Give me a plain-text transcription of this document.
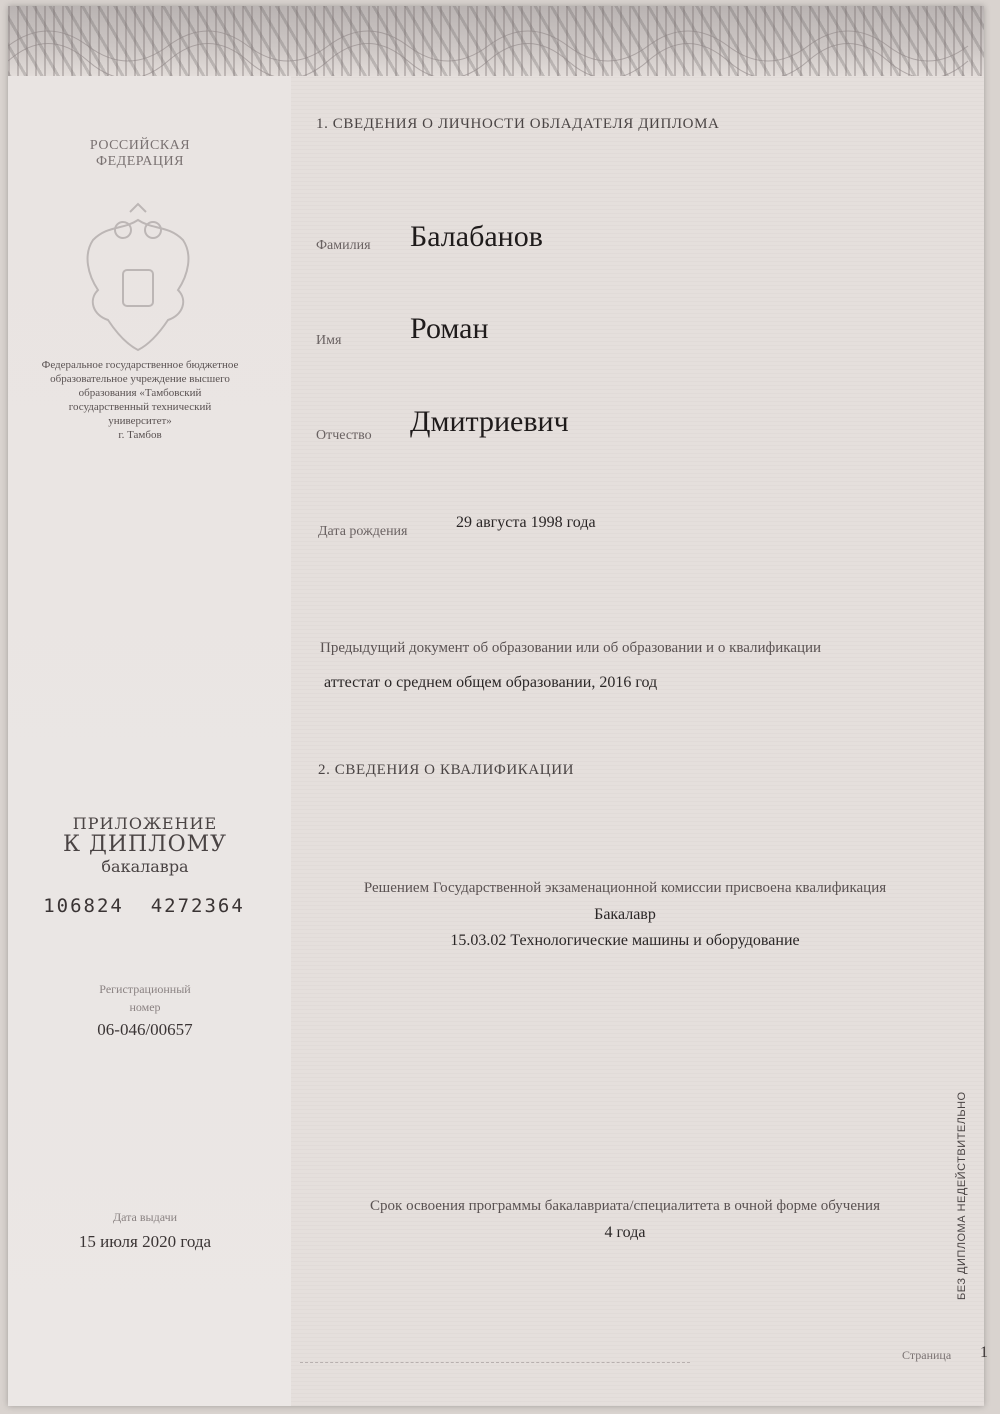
РОССИЙСКАЯ
ФЕДЕРАЦИЯ
Федеральное государственное бюджетное
образовательное учреждение высшего
образования «Тамбовский
государственный технический
университет»
г. Тамбов
ПРИЛОЖЕНИЕ
К ДИПЛОМУ
бакалавра
106824  4272364
Регистрационный
номер
06-046/00657
Дата выдачи
15 июля 2020 года
1. СВЕДЕНИЯ О ЛИЧНОСТИ ОБЛАДАТЕЛЯ ДИПЛОМА
Фамилия Балабанов
Имя Роман
Отчество Дмитриевич
Дата рождения
29 августа 1998 года
Предыдущий документ об образовании или об образовании и о квалификации
аттестат о среднем общем образовании, 2016 год
2. СВЕДЕНИЯ О КВАЛИФИКАЦИИ
Решением Государственной экзаменационной комиссии присвоена квалификация
Бакалавр
15.03.02 Технологические машины и оборудование
Срок освоения программы бакалавриата/специалитета в очной форме обучения
4 года	БЕЗ ДИПЛОМА НЕДЕЙСТВИТЕЛЬНО
Страница 1
